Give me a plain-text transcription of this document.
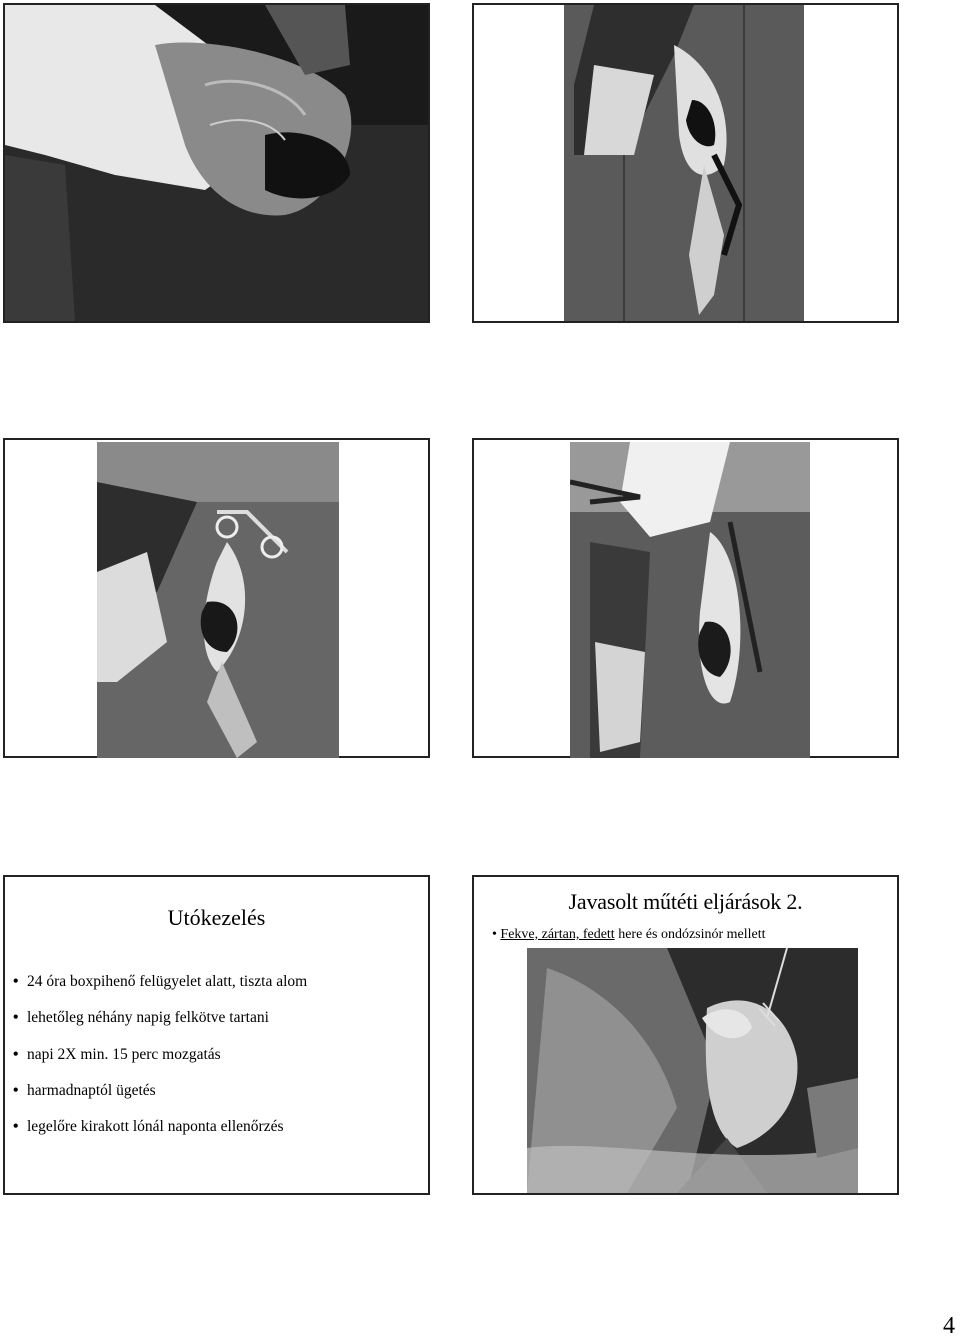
Utókezelés
• 24 óra boxpihenő felügyelet alatt, tiszta alom
• lehetőleg néhány napig felkötve tartani
• napi 2X min. 15 perc mozgatás
• harmadnaptól ügetés
• legelőre kirakott lónál naponta ellenőrzés
Javasolt műtéti eljárások 2.
• Fekve, zártan, fedett here és ondózsinór mellett
4
